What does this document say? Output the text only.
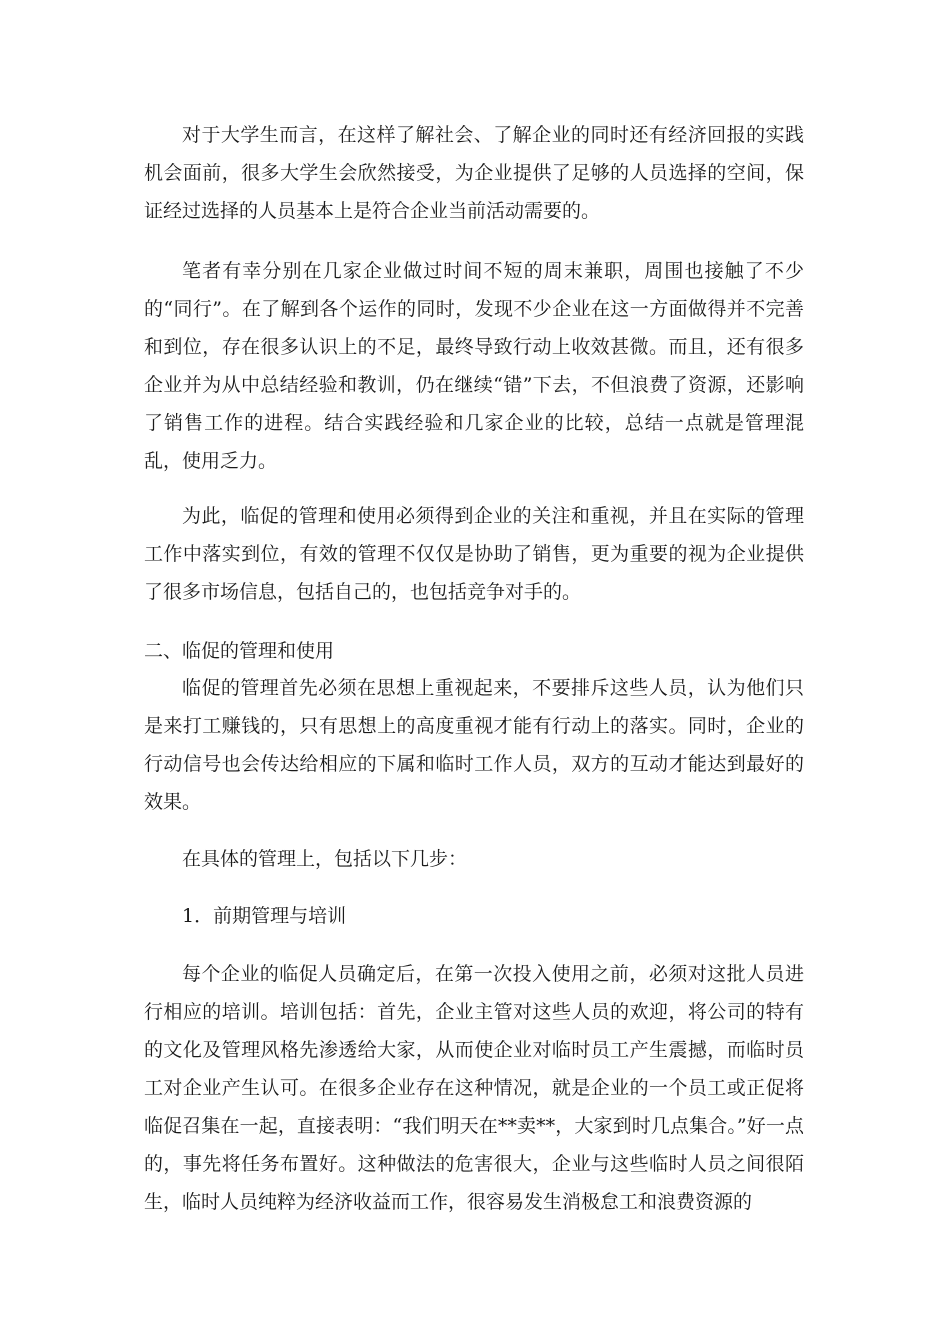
对于大学生而言，在这样了解社会、了解企业的同时还有经济回报的实践机会面前，很多大学生会欣然接受，为企业提供了足够的人员选择的空间，保证经过选择的人员基本上是符合企业当前活动需要的。

笔者有幸分别在几家企业做过时间不短的周末兼职，周围也接触了不少的“同行”。在了解到各个运作的同时，发现不少企业在这一方面做得并不完善和到位，存在很多认识上的不足，最终导致行动上收效甚微。而且，还有很多企业并为从中总结经验和教训，仍在继续“错”下去，不但浪费了资源，还影响了销售工作的进程。结合实践经验和几家企业的比较，总结一点就是管理混乱，使用乏力。

为此，临促的管理和使用必须得到企业的关注和重视，并且在实际的管理工作中落实到位，有效的管理不仅仅是协助了销售，更为重要的视为企业提供了很多市场信息，包括自己的，也包括竞争对手的。

二、临促的管理和使用

临促的管理首先必须在思想上重视起来，不要排斥这些人员，认为他们只是来打工赚钱的，只有思想上的高度重视才能有行动上的落实。同时，企业的行动信号也会传达给相应的下属和临时工作人员，双方的互动才能达到最好的效果。

在具体的管理上，包括以下几步：

1．前期管理与培训

每个企业的临促人员确定后，在第一次投入使用之前，必须对这批人员进行相应的培训。培训包括：首先，企业主管对这些人员的欢迎，将公司的特有的文化及管理风格先渗透给大家，从而使企业对临时员工产生震撼，而临时员工对企业产生认可。在很多企业存在这种情况，就是企业的一个员工或正促将临促召集在一起，直接表明：“我们明天在**卖**，大家到时几点集合。”好一点的，事先将任务布置好。这种做法的危害很大，企业与这些临时人员之间很陌生，临时人员纯粹为经济收益而工作，很容易发生消极怠工和浪费资源的
